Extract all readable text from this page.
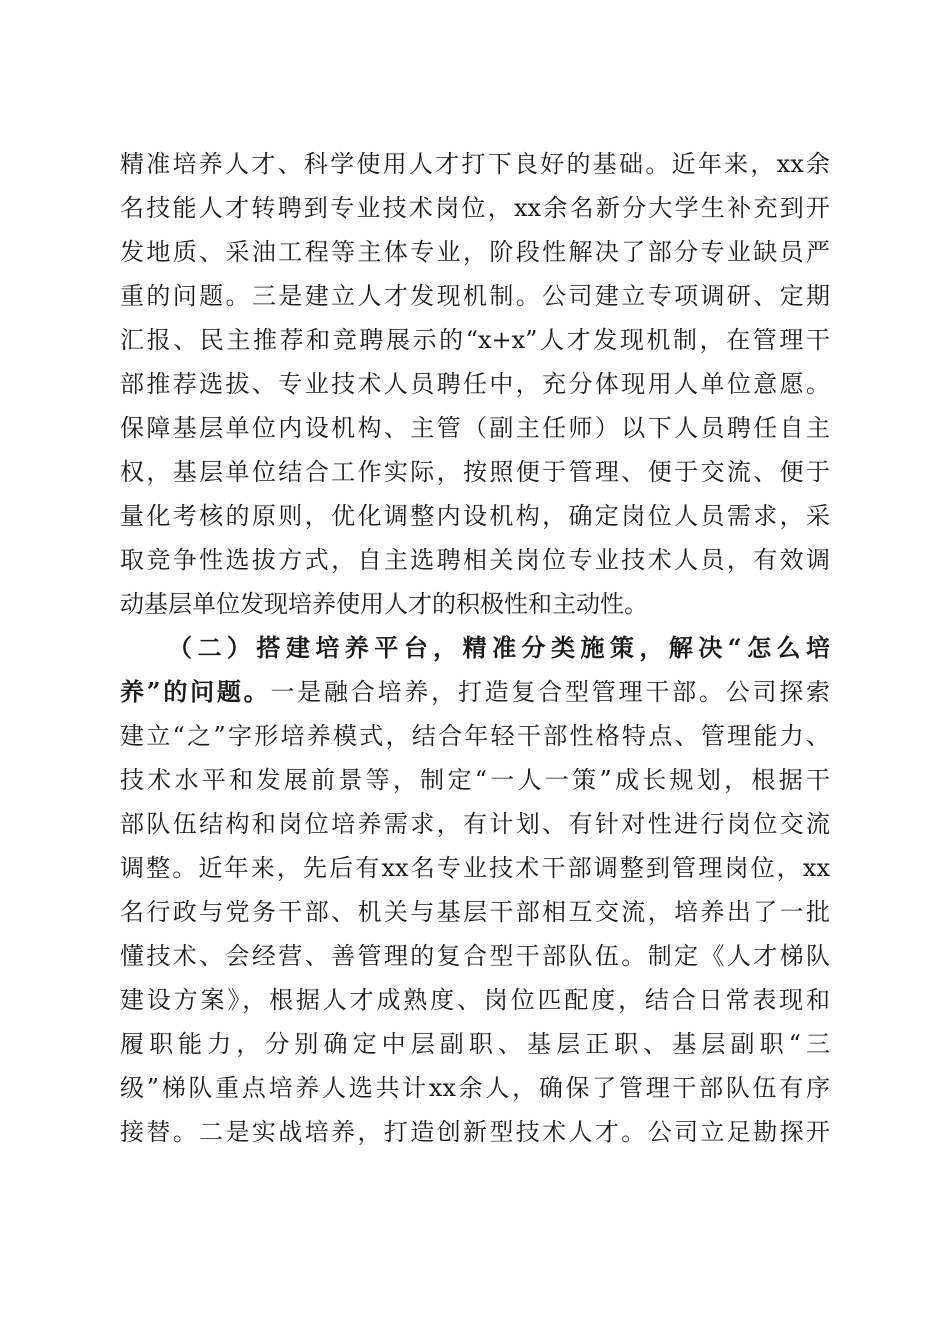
精准培养人才、科学使用人才打下良好的基础。近年来，xx余
名技能人才转聘到专业技术岗位，xx余名新分大学生补充到开
发地质、采油工程等主体专业，阶段性解决了部分专业缺员严
重的问题。三是建立人才发现机制。公司建立专项调研、定期
汇报、民主推荐和竞聘展示的“x+x”人才发现机制，在管理干
部推荐选拔、专业技术人员聘任中，充分体现用人单位意愿。
保障基层单位内设机构、主管（副主任师）以下人员聘任自主
权，基层单位结合工作实际，按照便于管理、便于交流、便于
量化考核的原则，优化调整内设机构，确定岗位人员需求，采
取竞争性选拔方式，自主选聘相关岗位专业技术人员，有效调
动基层单位发现培养使用人才的积极性和主动性。
（二）搭建培养平台，精准分类施策，解决“怎么培
养”的问题。一是融合培养，打造复合型管理干部。公司探索
建立“之”字形培养模式，结合年轻干部性格特点、管理能力、
技术水平和发展前景等，制定“一人一策”成长规划，根据干
部队伍结构和岗位培养需求，有计划、有针对性进行岗位交流
调整。近年来，先后有xx名专业技术干部调整到管理岗位，xx
名行政与党务干部、机关与基层干部相互交流，培养出了一批
懂技术、会经营、善管理的复合型干部队伍。制定《人才梯队
建设方案》，根据人才成熟度、岗位匹配度，结合日常表现和
履职能力，分别确定中层副职、基层正职、基层副职“三
级”梯队重点培养人选共计xx余人，确保了管理干部队伍有序
接替。二是实战培养，打造创新型技术人才。公司立足勘探开
